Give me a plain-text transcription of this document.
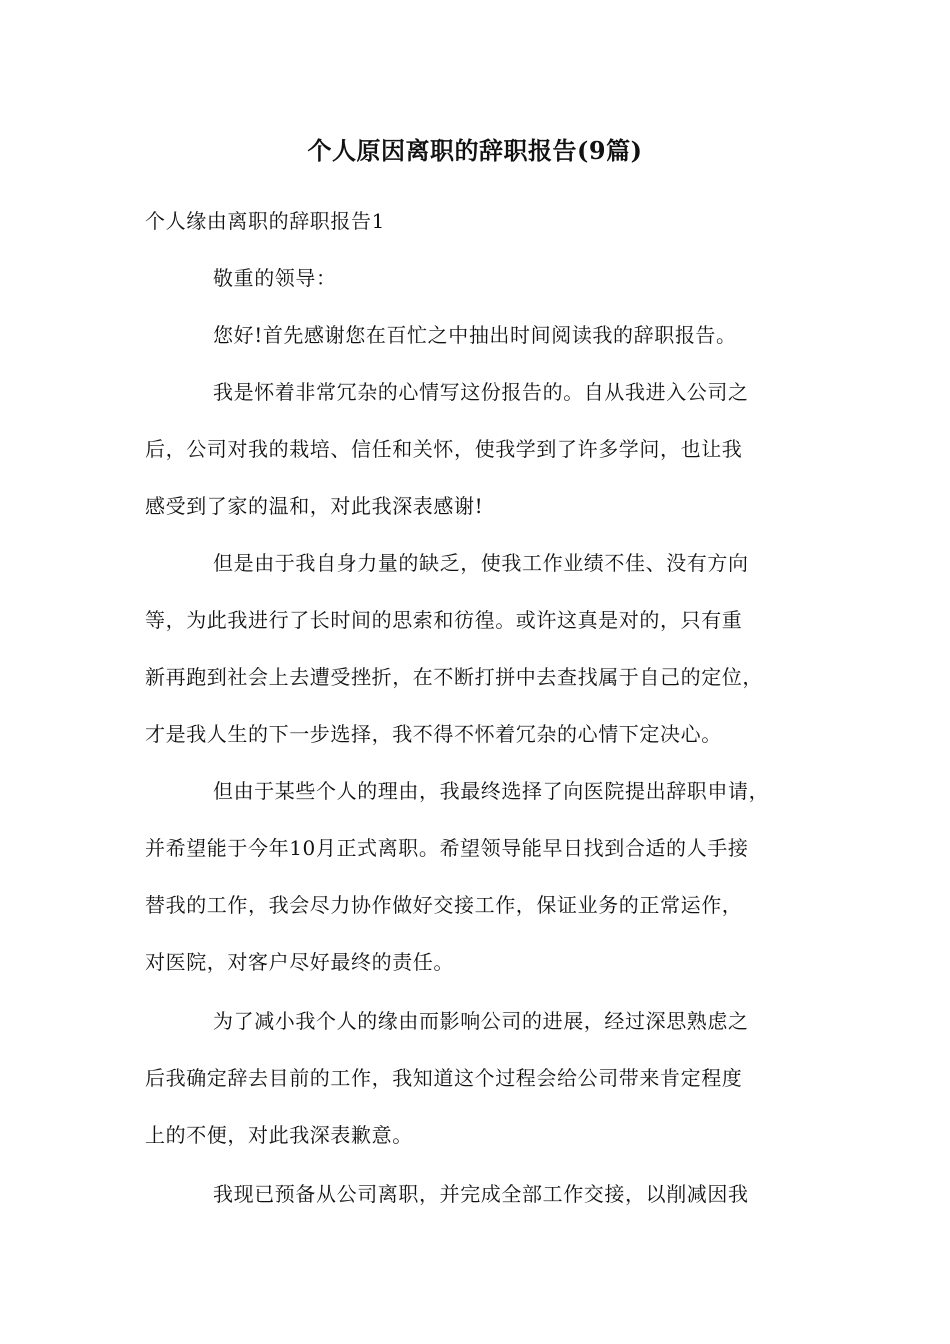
个人原因离职的辞职报告(9篇)
个人缘由离职的辞职报告1
敬重的领导：
您好!首先感谢您在百忙之中抽出时间阅读我的辞职报告。
我是怀着非常冗杂的心情写这份报告的。自从我进入公司之
后，公司对我的栽培、信任和关怀，使我学到了许多学问，也让我
感受到了家的温和，对此我深表感谢!
但是由于我自身力量的缺乏，使我工作业绩不佳、没有方向
等，为此我进行了长时间的思索和彷徨。或许这真是对的，只有重
新再跑到社会上去遭受挫折，在不断打拼中去查找属于自己的定位，
才是我人生的下一步选择，我不得不怀着冗杂的心情下定决心。
但由于某些个人的理由，我最终选择了向医院提出辞职申请，
并希望能于今年10月正式离职。希望领导能早日找到合适的人手接
替我的工作，我会尽力协作做好交接工作，保证业务的正常运作，
对医院，对客户尽好最终的责任。
为了减小我个人的缘由而影响公司的进展，经过深思熟虑之
后我确定辞去目前的工作，我知道这个过程会给公司带来肯定程度
上的不便，对此我深表歉意。
我现已预备从公司离职，并完成全部工作交接，以削减因我
